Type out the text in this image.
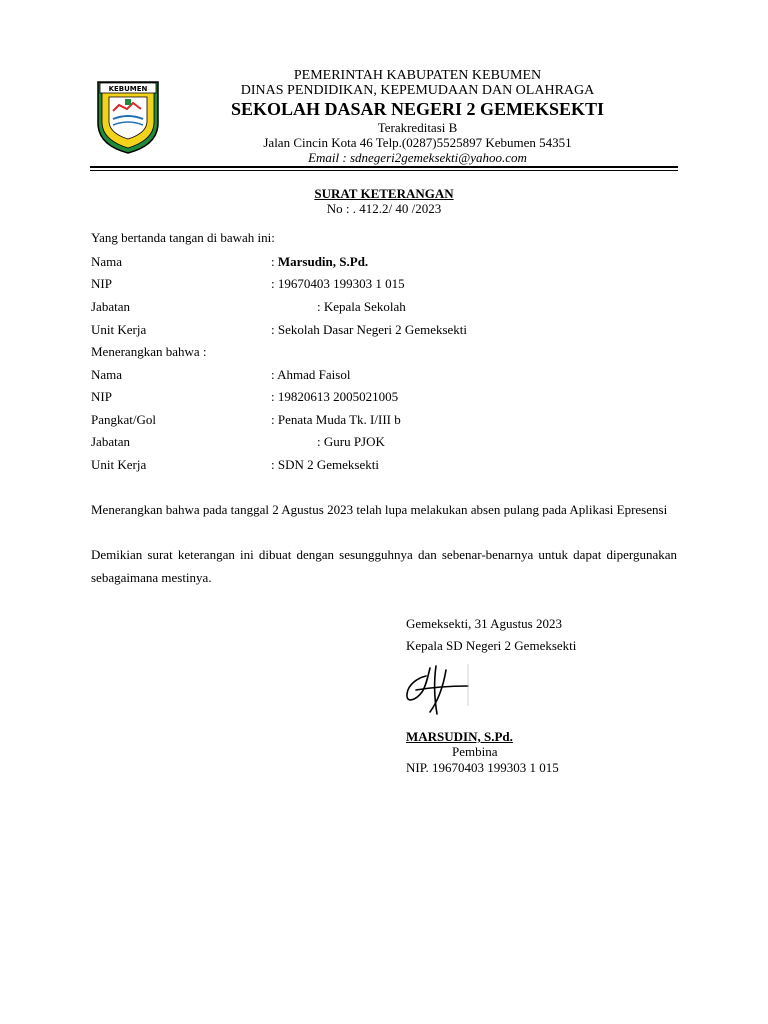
KEBUMEN
PEMERINTAH KABUPATEN KEBUMEN
DINAS PENDIDIKAN, KEPEMUDAAN DAN OLAHRAGA
SEKOLAH DASAR NEGERI 2 GEMEKSEKTI
Terakreditasi B
Jalan Cincin Kota 46 Telp.(0287)5525897 Kebumen 54351
Email : sdnegeri2gemeksekti@yahoo.com
SURAT KETERANGAN
No : . 412.2/ 40 /2023
Yang bertanda tangan di bawah ini:
Nama	: Marsudin, S.Pd.
NIP	: 19670403 199303 1 015
Jabatan	: Kepala Sekolah
Unit Kerja	: Sekolah Dasar Negeri 2 Gemeksekti
Menerangkan bahwa :
Nama	: Ahmad Faisol
NIP	: 19820613 2005021005
Pangkat/Gol	: Penata Muda Tk. I/III b
Jabatan	: Guru PJOK
Unit Kerja	: SDN 2 Gemeksekti
Menerangkan bahwa pada tanggal 2 Agustus 2023 telah lupa melakukan absen pulang pada Aplikasi Epresensi
Demikian surat keterangan ini dibuat dengan sesungguhnya dan sebenar-benarnya untuk dapat dipergunakan sebagaimana mestinya.
Gemeksekti, 31 Agustus 2023
Kepala SD Negeri 2 Gemeksekti
MARSUDIN, S.Pd.
Pembina
NIP. 19670403 199303 1 015
